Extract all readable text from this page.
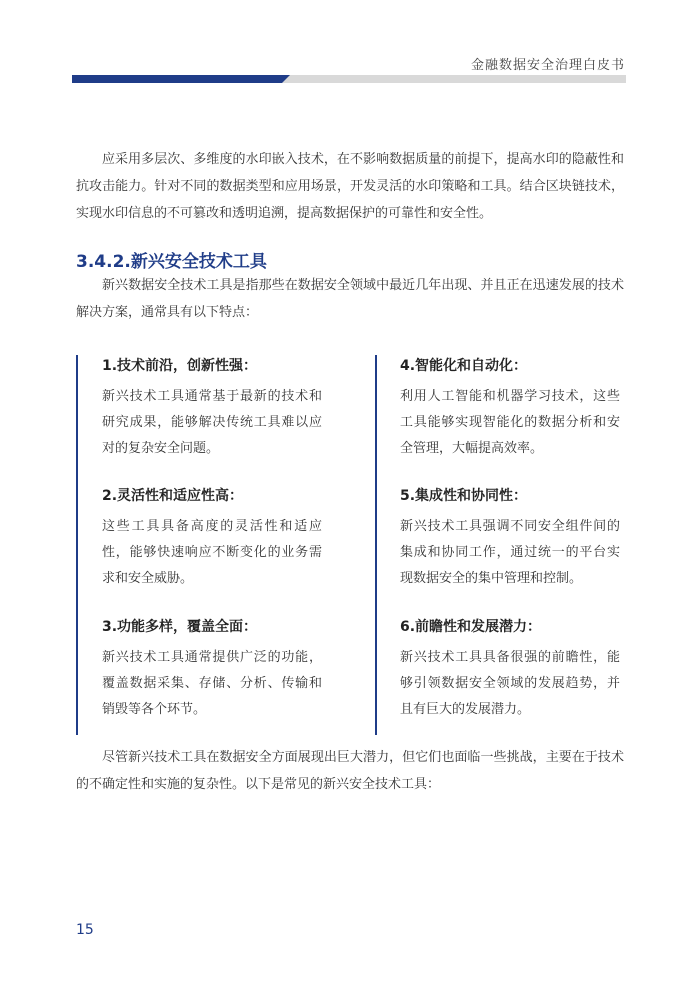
金融数据安全治理白皮书
应采用多层次、多维度的水印嵌入技术，在不影响数据质量的前提下，提高水印的隐蔽性和抗攻击能力。针对不同的数据类型和应用场景，开发灵活的水印策略和工具。结合区块链技术，实现水印信息的不可篡改和透明追溯，提高数据保护的可靠性和安全性。
3.4.2.新兴安全技术工具
新兴数据安全技术工具是指那些在数据安全领域中最近几年出现、并且正在迅速发展的技术解决方案，通常具有以下特点：
1.技术前沿，创新性强：
新兴技术工具通常基于最新的技术和研究成果，能够解决传统工具难以应对的复杂安全问题。
2.灵活性和适应性高：
这些工具具备高度的灵活性和适应性，能够快速响应不断变化的业务需求和安全威胁。
3.功能多样，覆盖全面：
新兴技术工具通常提供广泛的功能，覆盖数据采集、存储、分析、传输和销毁等各个环节。
4.智能化和自动化：
利用人工智能和机器学习技术，这些工具能够实现智能化的数据分析和安全管理，大幅提高效率。
5.集成性和协同性：
新兴技术工具强调不同安全组件间的集成和协同工作，通过统一的平台实现数据安全的集中管理和控制。
6.前瞻性和发展潜力：
新兴技术工具具备很强的前瞻性，能够引领数据安全领域的发展趋势，并且有巨大的发展潜力。
尽管新兴技术工具在数据安全方面展现出巨大潜力，但它们也面临一些挑战，主要在于技术的不确定性和实施的复杂性。以下是常见的新兴安全技术工具：
15
